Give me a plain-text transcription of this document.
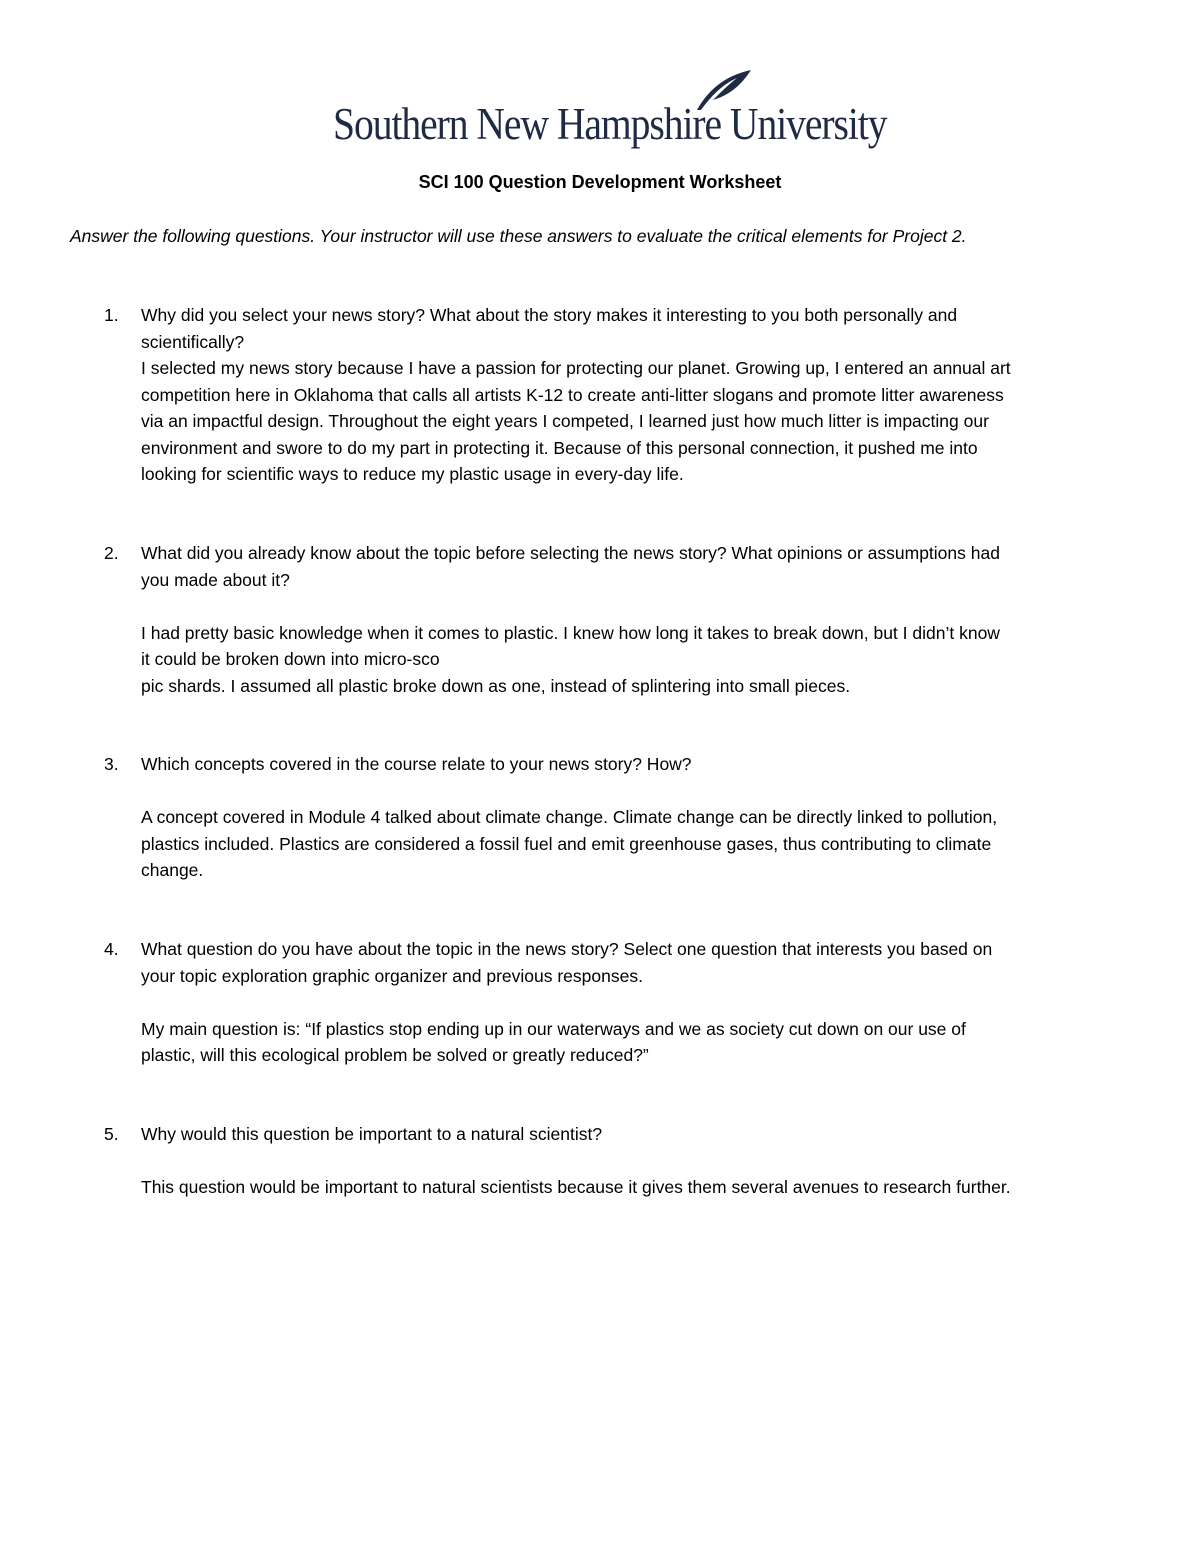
Southern New Hampshire University
SCI 100 Question Development Worksheet
Answer the following questions. Your instructor will use these answers to evaluate the critical elements for Project 2.
1. Why did you select your news story? What about the story makes it interesting to you both personally and
scientifically?
I selected my news story because I have a passion for protecting our planet. Growing up, I entered an annual art
competition here in Oklahoma that calls all artists K-12 to create anti-litter slogans and promote litter awareness
via an impactful design. Throughout the eight years I competed, I learned just how much litter is impacting our
environment and swore to do my part in protecting it. Because of this personal connection, it pushed me into
looking for scientific ways to reduce my plastic usage in every-day life.
2. What did you already know about the topic before selecting the news story? What opinions or assumptions had
you made about it?
I had pretty basic knowledge when it comes to plastic. I knew how long it takes to break down, but I didn’t know
it could be broken down into micro-sco
pic shards. I assumed all plastic broke down as one, instead of splintering into small pieces.
3. Which concepts covered in the course relate to your news story? How?
A concept covered in Module 4 talked about climate change. Climate change can be directly linked to pollution,
plastics included. Plastics are considered a fossil fuel and emit greenhouse gases, thus contributing to climate
change.
4. What question do you have about the topic in the news story? Select one question that interests you based on
your topic exploration graphic organizer and previous responses.
My main question is: “If plastics stop ending up in our waterways and we as society cut down on our use of
plastic, will this ecological problem be solved or greatly reduced?”
5. Why would this question be important to a natural scientist?
This question would be important to natural scientists because it gives them several avenues to research further.
